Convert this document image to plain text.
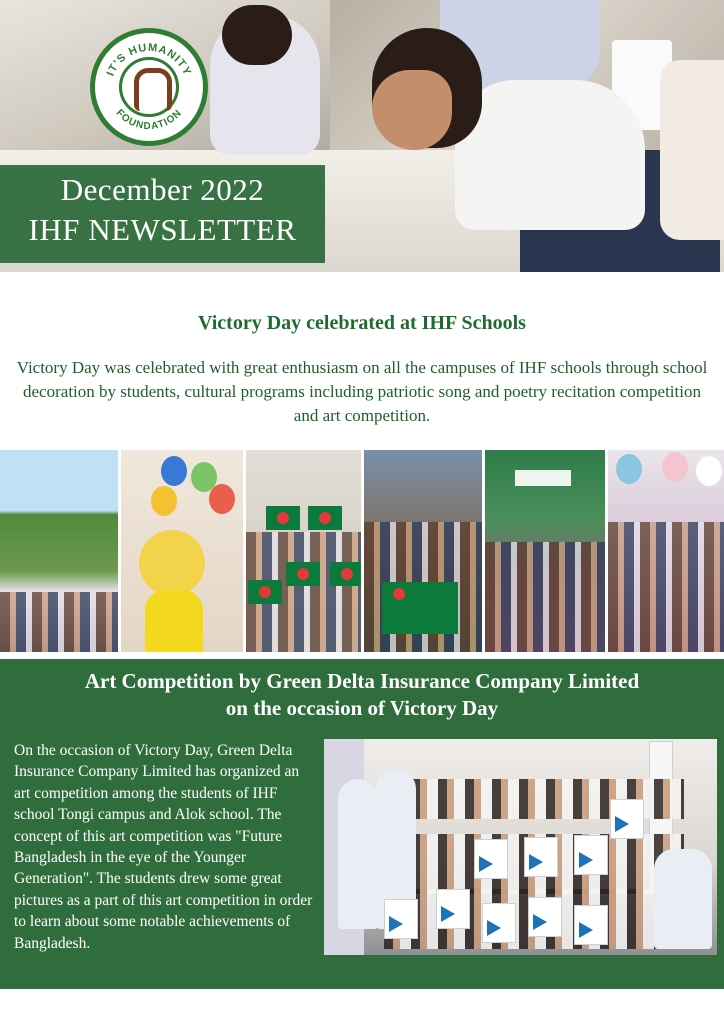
IT'S HUMANITY
FOUNDATION
December 2022
IHF NEWSLETTER
Victory Day celebrated at IHF Schools

Victory Day was celebrated with great enthusiasm on all the campuses of IHF schools through school decoration by students, cultural programs including patriotic song and poetry recitation competition and art competition.

Art Competition by Green Delta Insurance Company Limited
on the occasion of Victory Day

On the occasion of Victory Day, Green Delta Insurance Company Limited has organized an art competition among the students of IHF school Tongi campus and Alok school. The concept of this art competition was "Future Bangladesh in the eye of the Younger Generation". The students drew some great pictures as a part of this art competition in order to learn about some notable achievements of Bangladesh.
